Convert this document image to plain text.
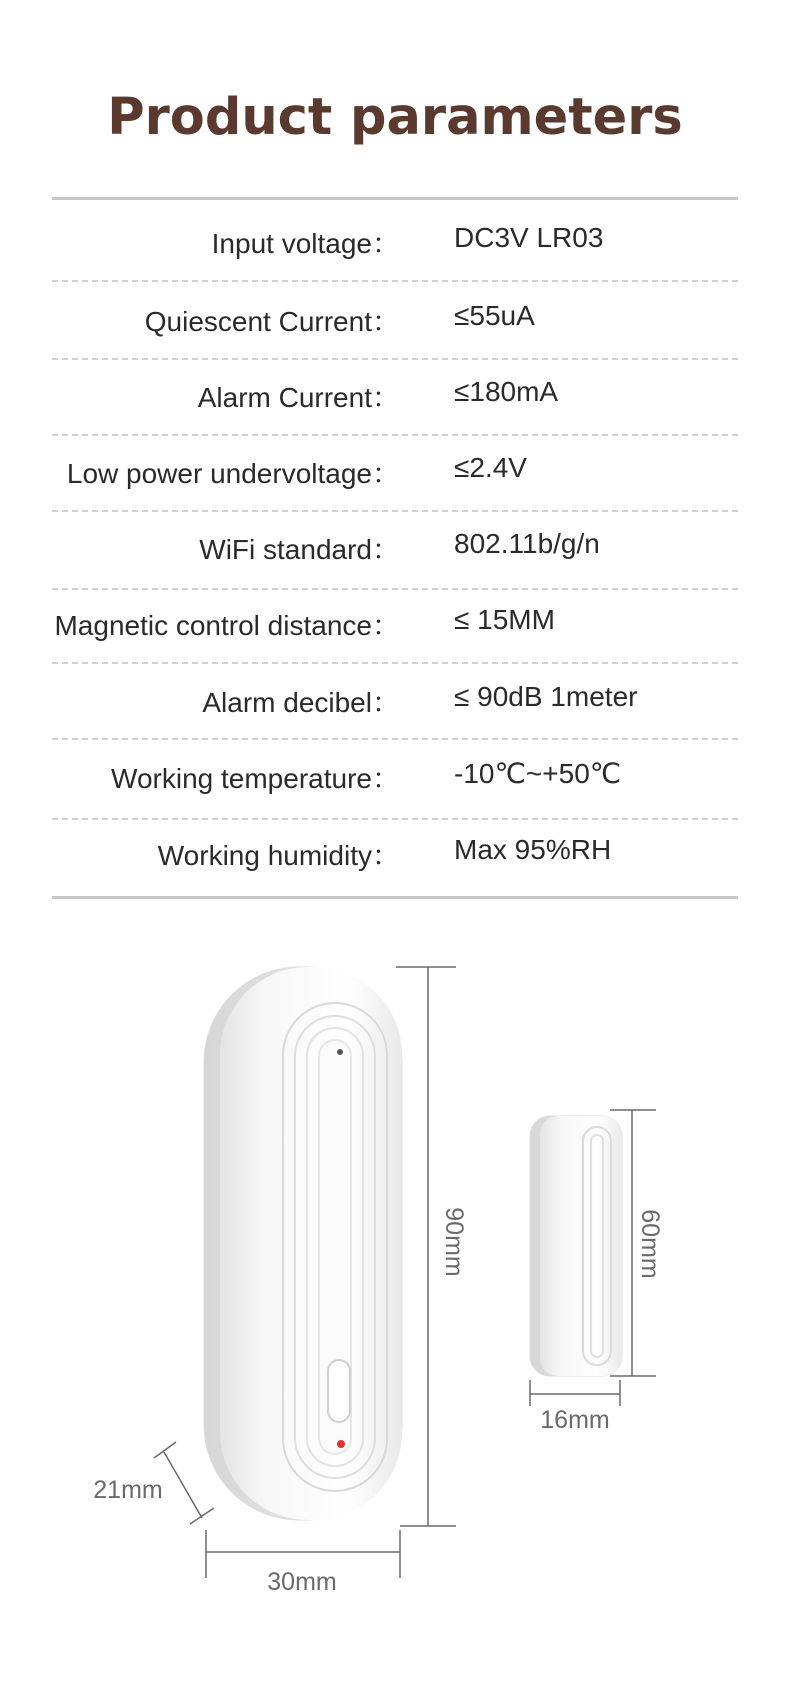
Product parameters
Input voltage： DC3V LR03
Quiescent Current： ≤55uA
Alarm Current： ≤180mA
Low power undervoltage： ≤2.4V
WiFi standard： 802.11b/g/n
Magnetic control distance： ≤ 15MM
Alarm decibel： ≤ 90dB 1meter
Working temperature： -10℃~+50℃
Working humidity： Max 95%RH
90mm
30mm
21mm
60mm
16mm
